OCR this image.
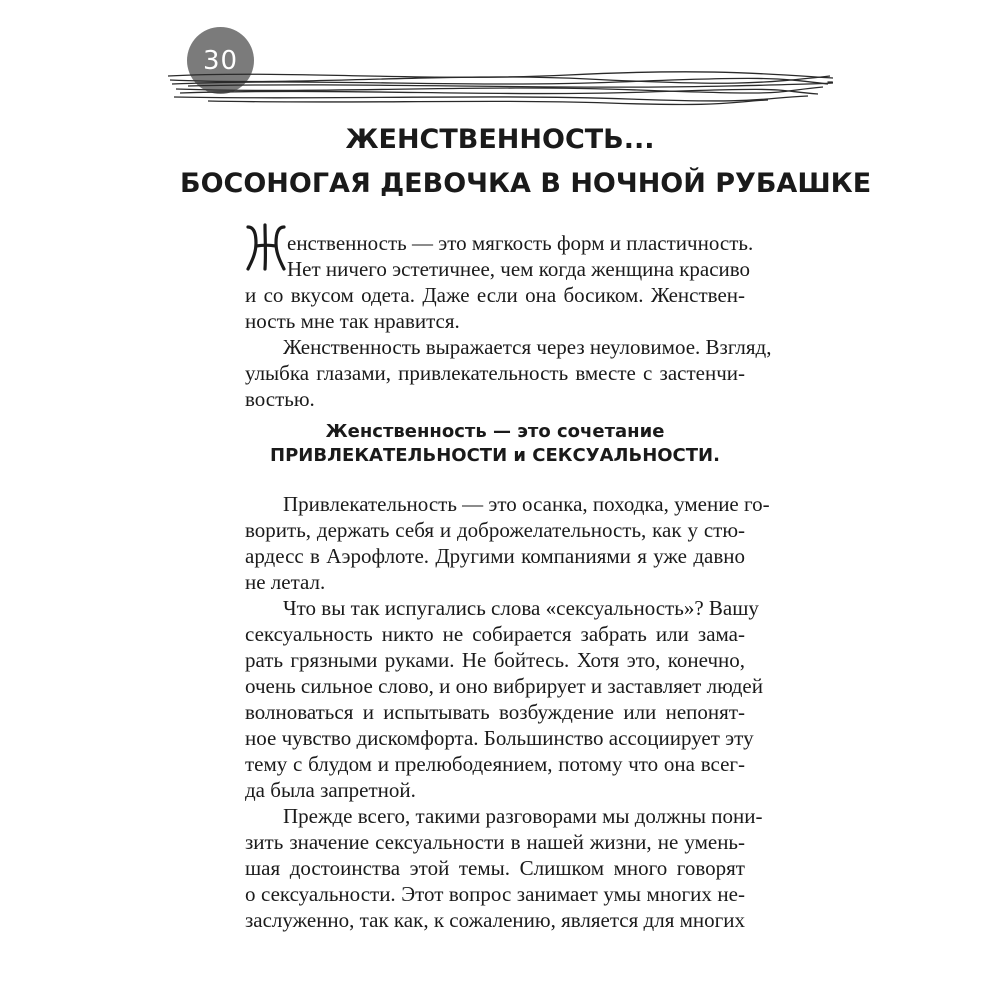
30
ЖЕНСТВЕННОСТЬ...
БОСОНОГАЯ ДЕВОЧКА В НОЧНОЙ РУБАШКЕ
енственность — это мягкость форм и пластичность.
Нет ничего эстетичнее, чем когда женщина красиво
и со вкусом одета. Даже если она босиком. Женствен-
ность мне так нравится.
Женственность выражается через неуловимое. Взгляд,
улыбка глазами, привлекательность вместе с застенчи-
востью.
Женственность — это сочетание
ПРИВЛЕКАТЕЛЬНОСТИ и СЕКСУАЛЬНОСТИ.
Привлекательность — это осанка, походка, умение го-
ворить, держать себя и доброжелательность, как у стю-
ардесс в Аэрофлоте. Другими компаниями я уже давно
не летал.
Что вы так испугались слова «сексуальность»? Вашу
сексуальность никто не собирается забрать или зама-
рать грязными руками. Не бойтесь. Хотя это, конечно,
очень сильное слово, и оно вибрирует и заставляет людей
волноваться и испытывать возбуждение или непонят-
ное чувство дискомфорта. Большинство ассоциирует эту
тему с блудом и прелюбодеянием, потому что она всег-
да была запретной.
Прежде всего, такими разговорами мы должны пони-
зить значение сексуальности в нашей жизни, не умень-
шая достоинства этой темы. Слишком много говорят
о сексуальности. Этот вопрос занимает умы многих не-
заслуженно, так как, к сожалению, является для многих
